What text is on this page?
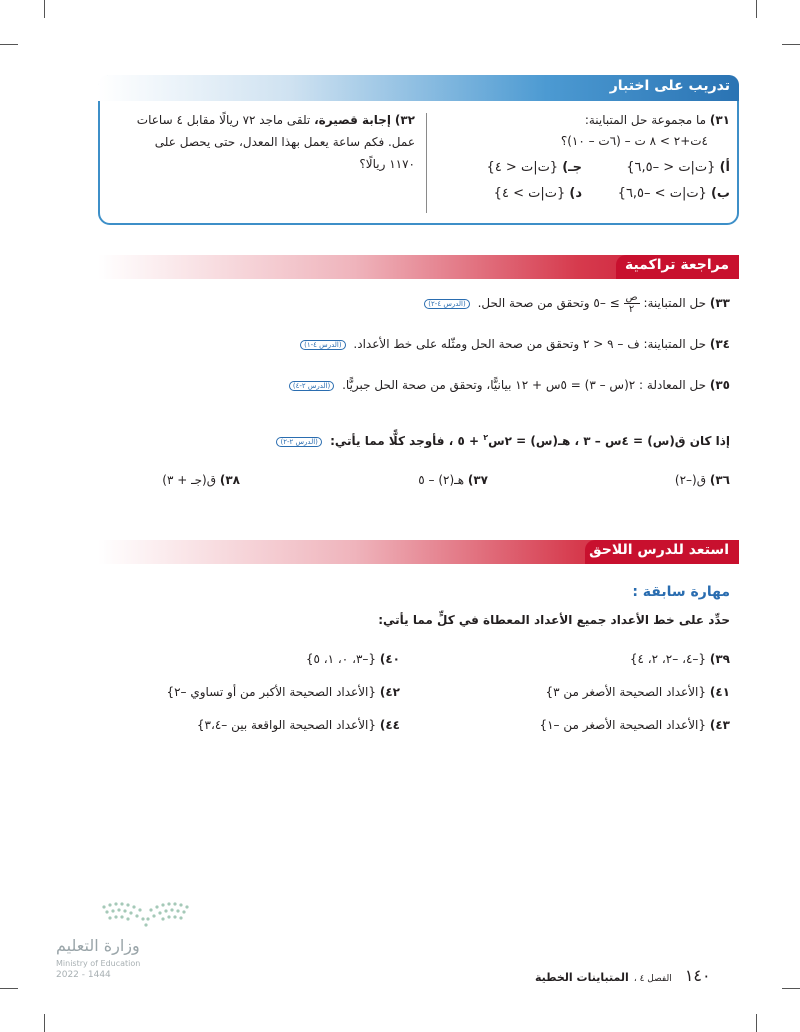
تدريب على اختبار
٣١) ما مجموعة حل المتباينة:
٤ت+٢ > ٨ ت – (٦ت – ١٠)؟
أ) {ت|ت < –٦,٥}
جـ) {ت|ت < ٤}
ب) {ت|ت > –٦,٥}
د) {ت|ت > ٤}
٣٢) إجابة قصيرة، تلقى ماجد ٧٢ ريالًا مقابل ٤ ساعات
عمل. فكم ساعة يعمل بهذا المعدل، حتى يحصل على
١١٧٠ ريالًا؟
مراجعة تراكمية
٣٣) حل المتباينة:
$\frac{\text{ص}}{٢}$
≥ –٥ وتحقق من صحة الحل. (الدرس ٤-٢)
٣٤) حل المتباينة: ف – ٩ < ٢ وتحقق من صحة الحل ومثّله على خط الأعداد. (الدرس ٤-١)
٣٥) حل المعادلة : ٢(س – ٣) = ٥س + ١٢ بيانيًّا، وتحقق من صحة الحل جبريًّا. (الدرس ٢-٤)
إذا كان ق(س) = ٤س – ٣ ، هـ(س) = ٢س$^٢$ + ٥ ، فأوجد كلًّا مما يأتي: (الدرس ٢-٢)
٣٦) ق(–٢)
٣٧) هـ(٢) – ٥
٣٨) ق(جـ + ٣)
استعد للدرس اللاحق
مهارة سابقة :
حدِّد على خط الأعداد جميع الأعداد المعطاة في كلٍّ مما يأتي:
٣٩) {–٤، –٢، ٢، ٤}
٤٠) {–٣، ٠، ١، ٥}
٤١) {الأعداد الصحيحة الأصغر من ٣}
٤٢) {الأعداد الصحيحة الأكبر من أو تساوي –٢}
٤٣) {الأعداد الصحيحة الأصغر من –١}
٤٤) {الأعداد الصحيحة الواقعة بين –٣،٤}
وزارة التعليم
Ministry of Education
2022 - 1444	١٤٠ الفصل ٤ ، المتباينات الخطية
